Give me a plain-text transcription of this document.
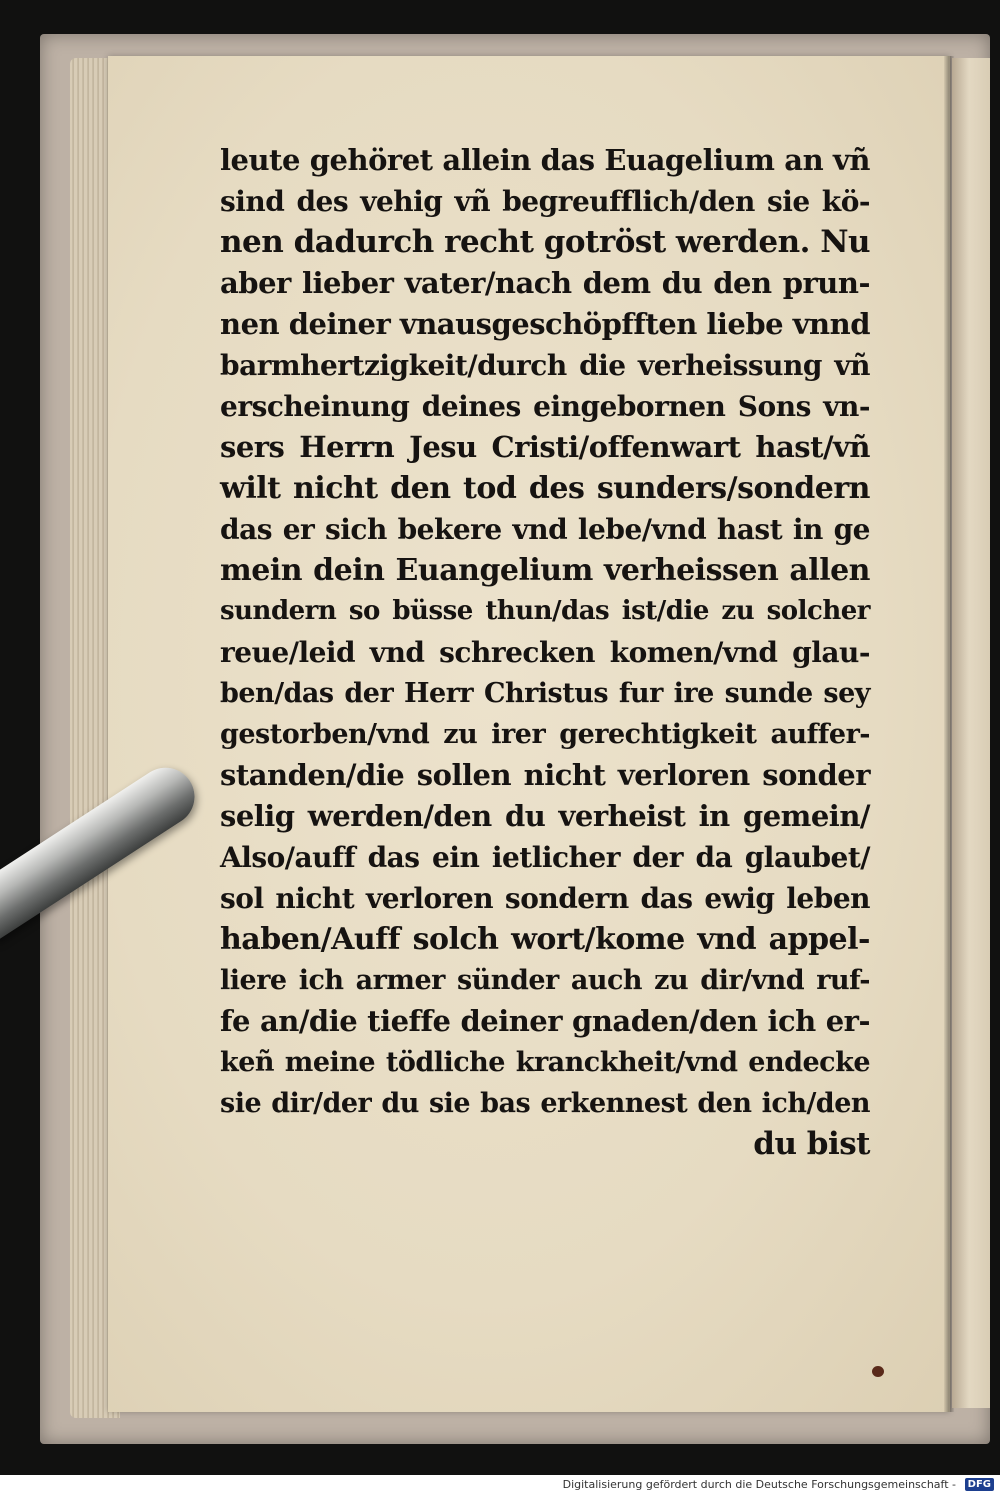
leute gehöret allein das Euagelium an vñ
sind des vehig vñ begreufflich/den sie kö-
nen dadurch recht gotröst werden. Nu
aber lieber vater/nach dem du den prun-
nen deiner vnausgeschöpfften liebe vnnd
barmhertzigkeit/durch die verheissung vñ
erscheinung deines eingebornen Sons vn-
sers Herrn Jesu Cristi/offenwart hast/vñ
wilt nicht den tod des sunders/sondern
das er sich bekere vnd lebe/vnd hast in ge
mein dein Euangelium verheissen allen
sundern so büsse thun/das ist/die zu solcher
reue/leid vnd schrecken komen/vnd glau-
ben/das der Herr Christus fur ire sunde sey
gestorben/vnd zu irer gerechtigkeit auffer-
standen/die sollen nicht verloren sonder
selig werden/den du verheist in gemein/
Also/auff das ein ietlicher der da glaubet/
sol nicht verloren sondern das ewig leben
haben/Auff solch wort/kome vnd appel-
liere ich armer sünder auch zu dir/vnd ruf-
fe an/die tieffe deiner gnaden/den ich er-
keñ meine tödliche kranckheit/vnd endecke
sie dir/der du sie bas erkennest den ich/den
du bist
Digitalisierung gefördert durch die Deutsche Forschungsgemeinschaft -	DFG
